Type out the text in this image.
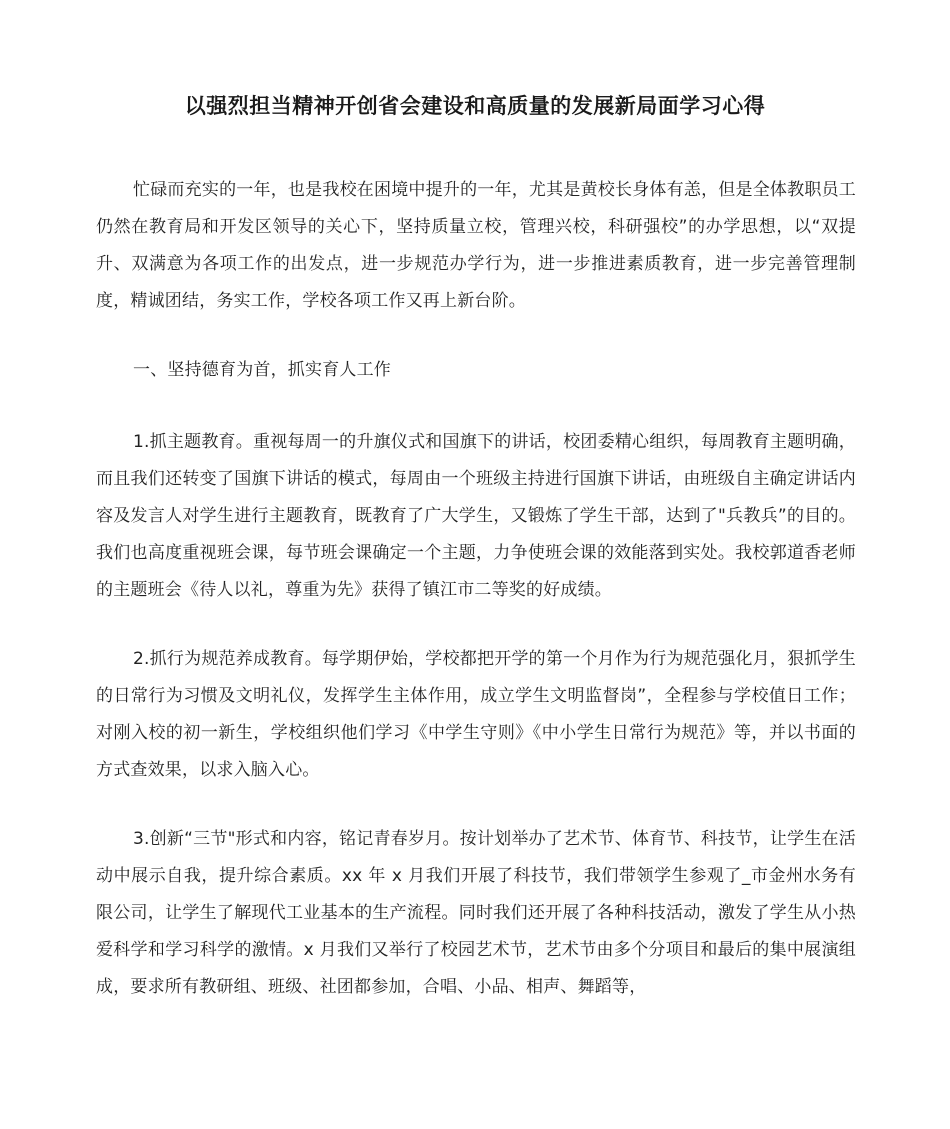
以强烈担当精神开创省会建设和高质量的发展新局面学习心得

忙碌而充实的一年，也是我校在困境中提升的一年，尤其是黄校长身体有恙，但是全体教职员工仍然在教育局和开发区领导的关心下，坚持质量立校，管理兴校，科研强校”的办学思想，以“双提升、双满意为各项工作的出发点，进一步规范办学行为，进一步推进素质教育，进一步完善管理制度，精诚团结，务实工作，学校各项工作又再上新台阶。

一、坚持德育为首，抓实育人工作

1.抓主题教育。重视每周一的升旗仪式和国旗下的讲话，校团委精心组织，每周教育主题明确，而且我们还转变了国旗下讲话的模式，每周由一个班级主持进行国旗下讲话，由班级自主确定讲话内容及发言人对学生进行主题教育，既教育了广大学生，又锻炼了学生干部，达到了"兵教兵”的目的。我们也高度重视班会课，每节班会课确定一个主题，力争使班会课的效能落到实处。我校郭道香老师的主题班会《待人以礼，尊重为先》获得了镇江市二等奖的好成绩。

2.抓行为规范养成教育。每学期伊始，学校都把开学的第一个月作为行为规范强化月，狠抓学生的日常行为习惯及文明礼仪，发挥学生主体作用，成立学生文明监督岗”，全程参与学校值日工作；对刚入校的初一新生，学校组织他们学习《中学生守则》《中小学生日常行为规范》等，并以书面的方式查效果，以求入脑入心。

3.创新“三节"形式和内容，铭记青春岁月。按计划举办了艺术节、体育节、科技节，让学生在活动中展示自我，提升综合素质。xx 年 x 月我们开展了科技节，我们带领学生参观了_市金州水务有限公司，让学生了解现代工业基本的生产流程。同时我们还开展了各种科技活动，激发了学生从小热爱科学和学习科学的激情。x 月我们又举行了校园艺术节，艺术节由多个分项目和最后的集中展演组成，要求所有教研组、班级、社团都参加，合唱、小品、相声、舞蹈等，
